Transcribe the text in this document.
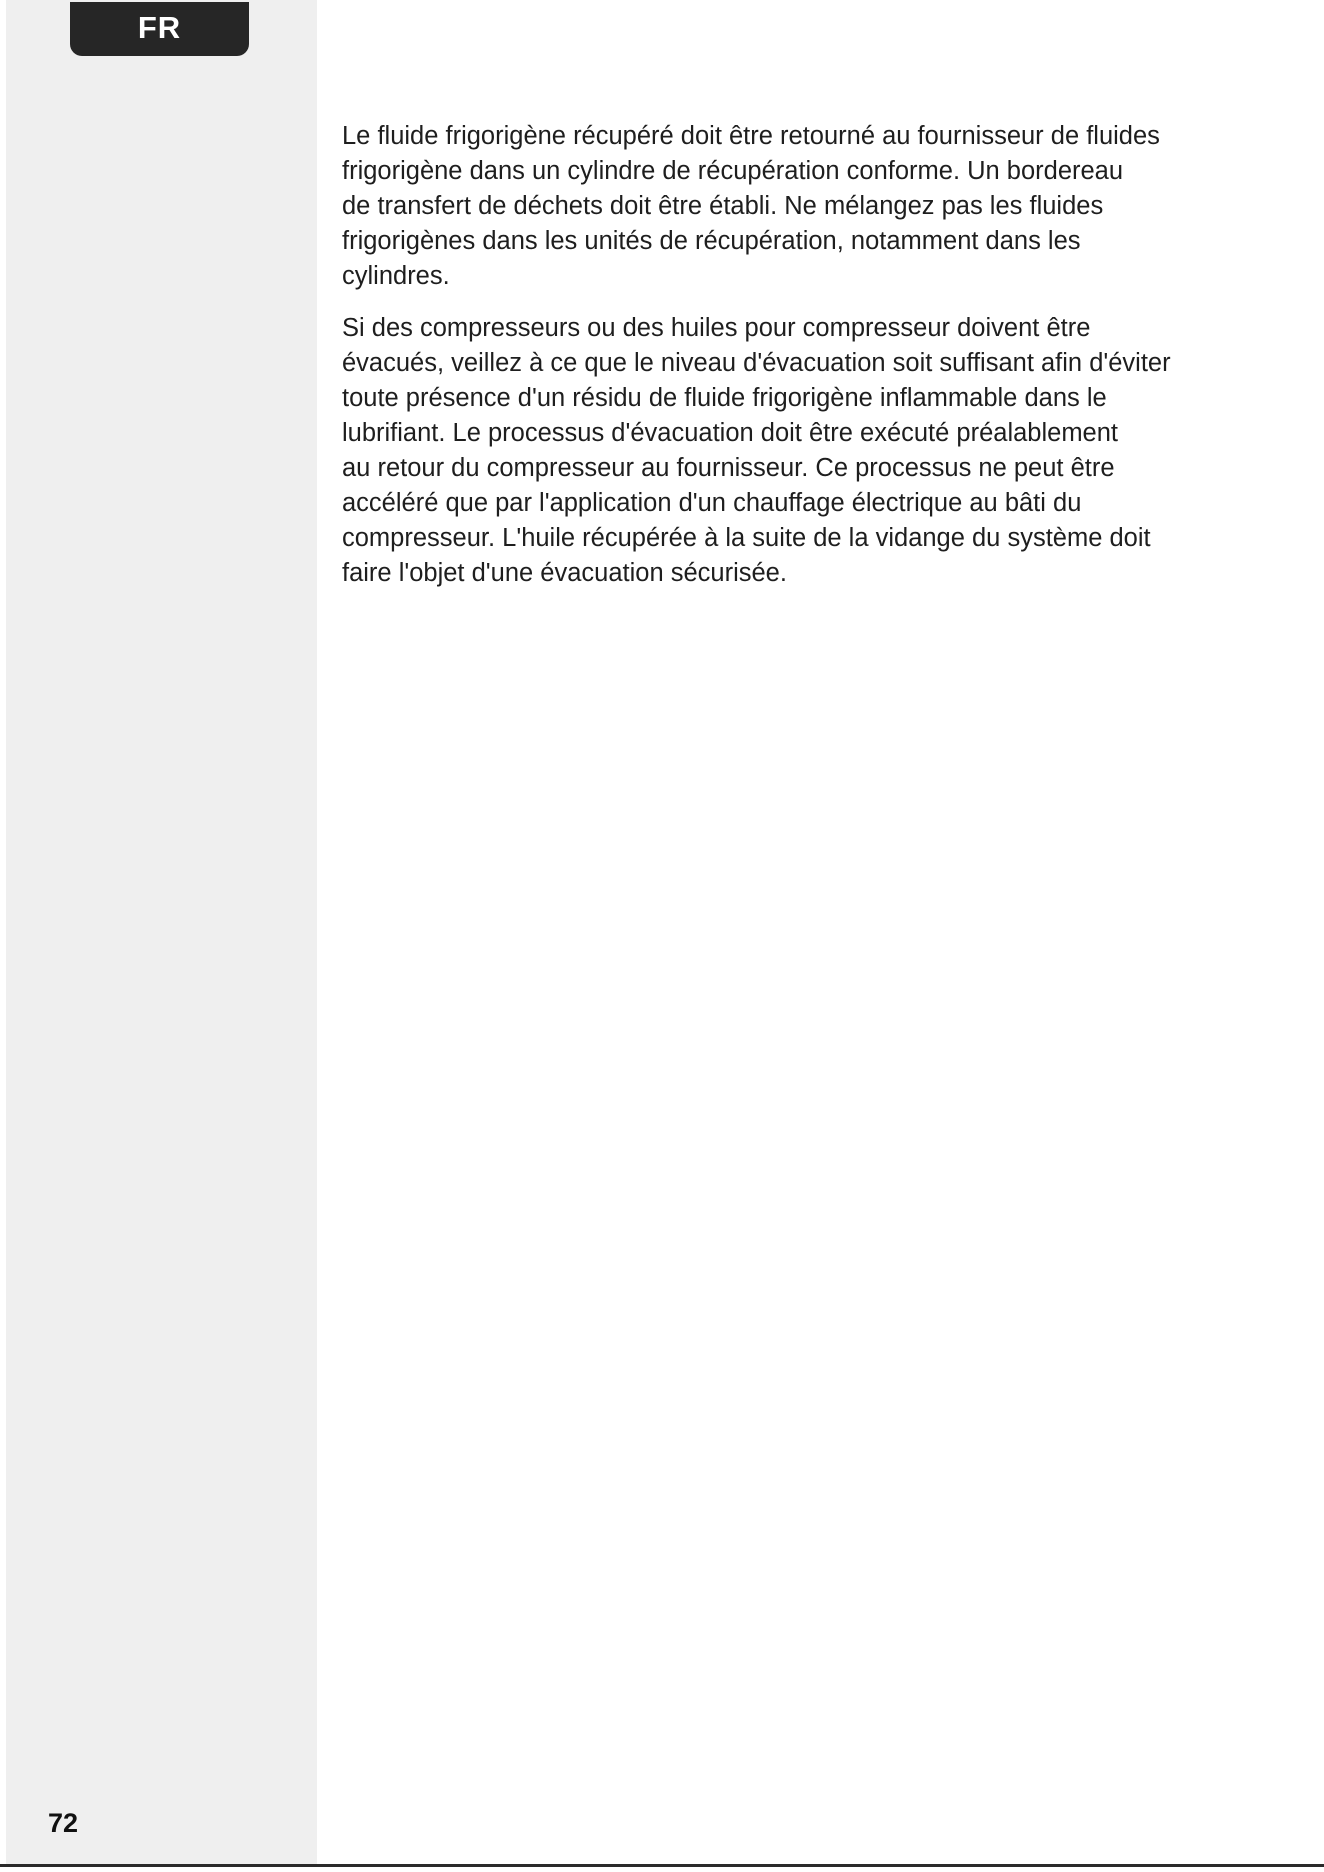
FR
72

Le fluide frigorigène récupéré doit être retourné au fournisseur de fluides
frigorigène dans un cylindre de récupération conforme. Un bordereau
de transfert de déchets doit être établi. Ne mélangez pas les fluides
frigorigènes dans les unités de récupération, notamment dans les
cylindres.

Si des compresseurs ou des huiles pour compresseur doivent être
évacués, veillez à ce que le niveau d'évacuation soit suffisant afin d'éviter
toute présence d'un résidu de fluide frigorigène inflammable dans le
lubrifiant. Le processus d'évacuation doit être exécuté préalablement
au retour du compresseur au fournisseur. Ce processus ne peut être
accéléré que par l'application d'un chauffage électrique au bâti du
compresseur. L'huile récupérée à la suite de la vidange du système doit
faire l'objet d'une évacuation sécurisée.
